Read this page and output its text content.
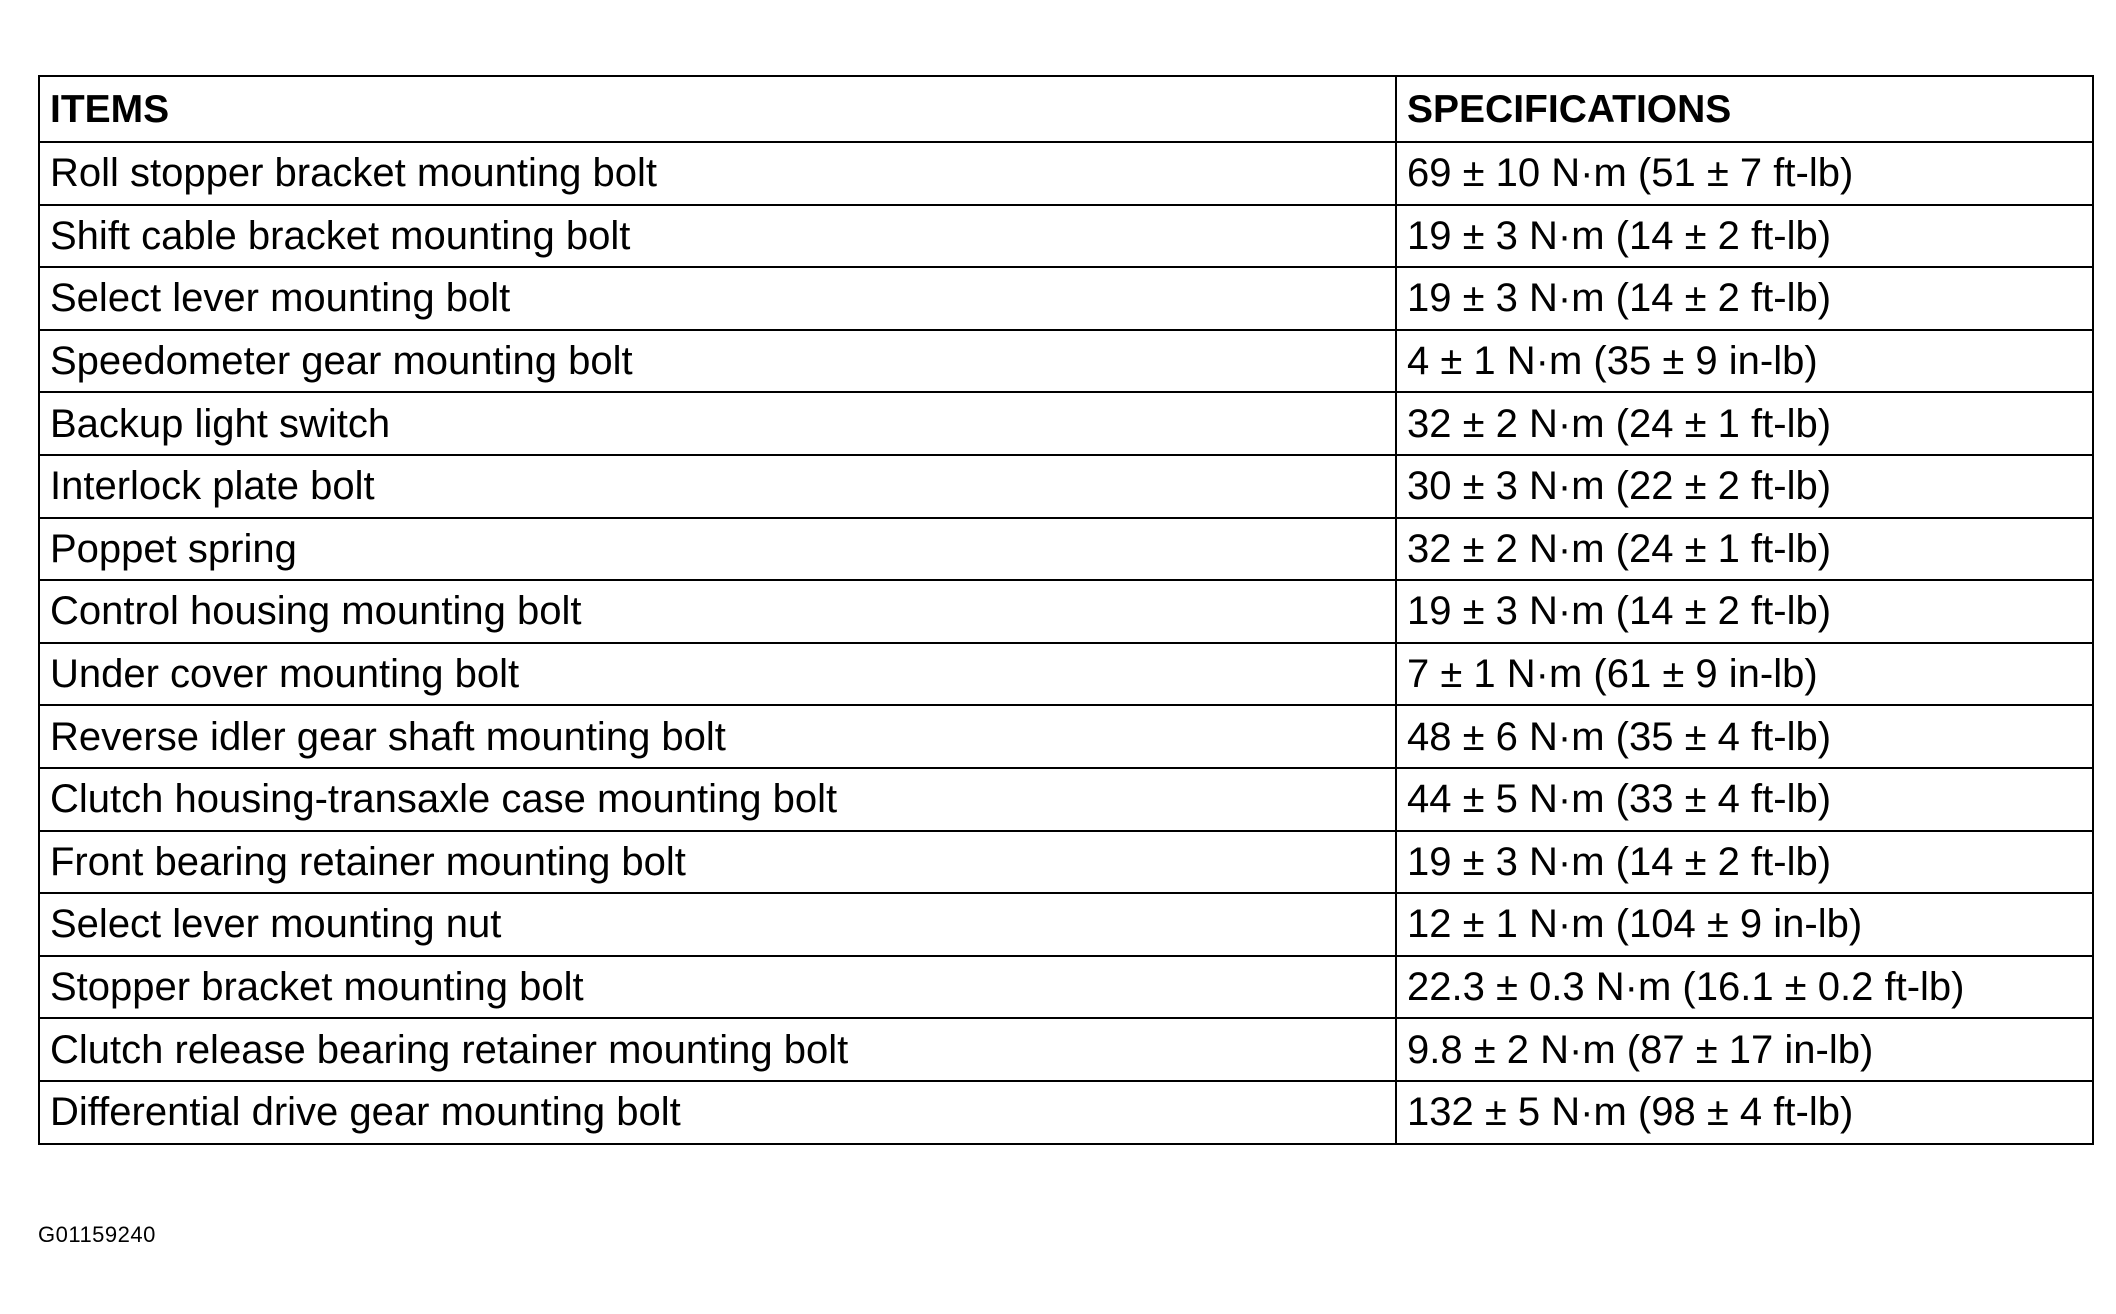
ITEMS	SPECIFICATIONS
Roll stopper bracket mounting bolt	69 ± 10 N·m (51 ± 7 ft-lb)
Shift cable bracket mounting bolt	19 ± 3 N·m (14 ± 2 ft-lb)
Select lever mounting bolt	19 ± 3 N·m (14 ± 2 ft-lb)
Speedometer gear mounting bolt	4 ± 1 N·m (35 ± 9 in-lb)
Backup light switch	32 ± 2 N·m (24 ± 1 ft-lb)
Interlock plate bolt	30 ± 3 N·m (22 ± 2 ft-lb)
Poppet spring	32 ± 2 N·m (24 ± 1 ft-lb)
Control housing mounting bolt	19 ± 3 N·m (14 ± 2 ft-lb)
Under cover mounting bolt	7 ± 1 N·m (61 ± 9 in-lb)
Reverse idler gear shaft mounting bolt	48 ± 6 N·m (35 ± 4 ft-lb)
Clutch housing-transaxle case mounting bolt	44 ± 5 N·m (33 ± 4 ft-lb)
Front bearing retainer mounting bolt	19 ± 3 N·m (14 ± 2 ft-lb)
Select lever mounting nut	12 ± 1 N·m (104 ± 9 in-lb)
Stopper bracket mounting bolt	22.3 ± 0.3 N·m (16.1 ± 0.2 ft-lb)
Clutch release bearing retainer mounting bolt	9.8 ± 2 N·m (87 ± 17 in-lb)
Differential drive gear mounting bolt	132 ± 5 N·m (98 ± 4 ft-lb)
G01159240
